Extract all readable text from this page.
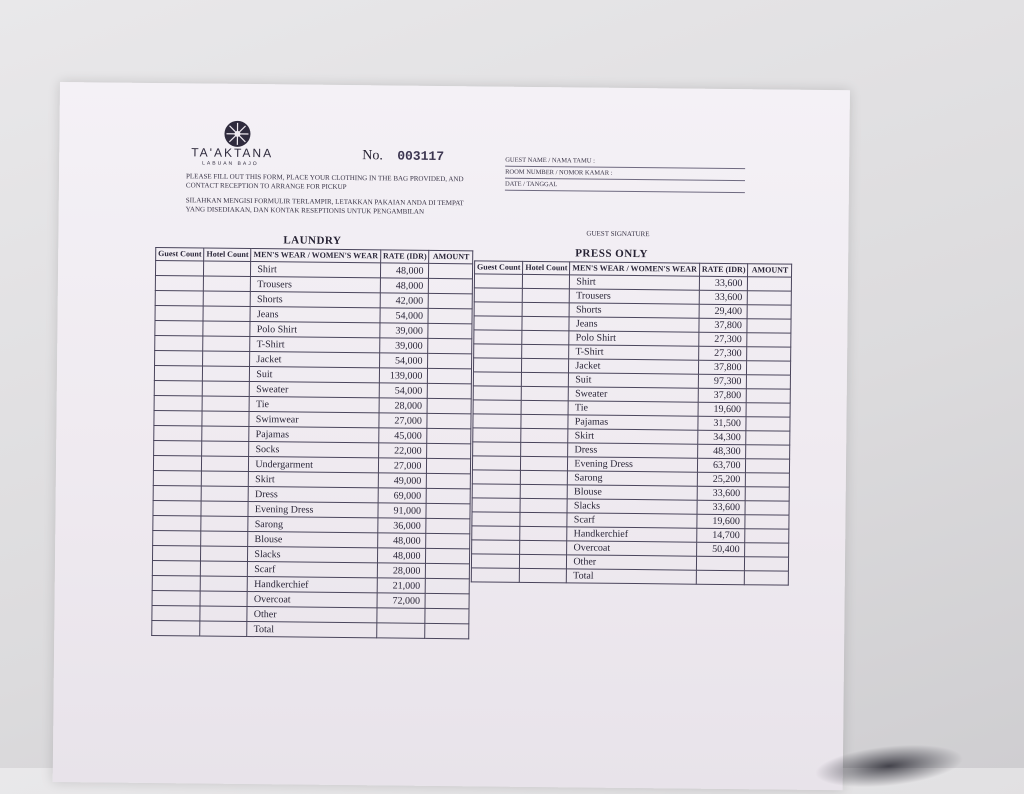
TA'AKTANA
LABUAN BAJO
No. 003117
PLEASE FILL OUT THIS FORM, PLACE YOUR CLOTHING IN THE BAG PROVIDED, AND CONTACT RECEPTION TO ARRANGE FOR PICKUP
SILAHKAN MENGISI FORMULIR TERLAMPIR, LETAKKAN PAKAIAN ANDA DI TEMPAT YANG DISEDIAKAN, DAN KONTAK RESEPTIONIS UNTUK PENGAMBILAN
GUEST NAME / NAMA TAMU :
ROOM NUMBER / NOMOR KAMAR :
DATE / TANGGAL
GUEST SIGNATURE
LAUNDRY
Guest Count	Hotel Count	MEN'S WEAR / WOMEN'S WEAR	RATE (IDR)	AMOUNT
		Shirt	48,000	
		Trousers	48,000	
		Shorts	42,000	
		Jeans	54,000	
		Polo Shirt	39,000	
		T-Shirt	39,000	
		Jacket	54,000	
		Suit	139,000	
		Sweater	54,000	
		Tie	28,000	
		Swimwear	27,000	
		Pajamas	45,000	
		Socks	22,000	
		Undergarment	27,000	
		Skirt	49,000	
		Dress	69,000	
		Evening Dress	91,000	
		Sarong	36,000	
		Blouse	48,000	
		Slacks	48,000	
		Scarf	28,000	
		Handkerchief	21,000	
		Overcoat	72,000	
		Other		
		Total		
PRESS ONLY
Guest Count	Hotel Count	MEN'S WEAR / WOMEN'S WEAR	RATE (IDR)	AMOUNT
		Shirt	33,600	
		Trousers	33,600	
		Shorts	29,400	
		Jeans	37,800	
		Polo Shirt	27,300	
		T-Shirt	27,300	
		Jacket	37,800	
		Suit	97,300	
		Sweater	37,800	
		Tie	19,600	
		Pajamas	31,500	
		Skirt	34,300	
		Dress	48,300	
		Evening Dress	63,700	
		Sarong	25,200	
		Blouse	33,600	
		Slacks	33,600	
		Scarf	19,600	
		Handkerchief	14,700	
		Overcoat	50,400	
		Other		
		Total		
